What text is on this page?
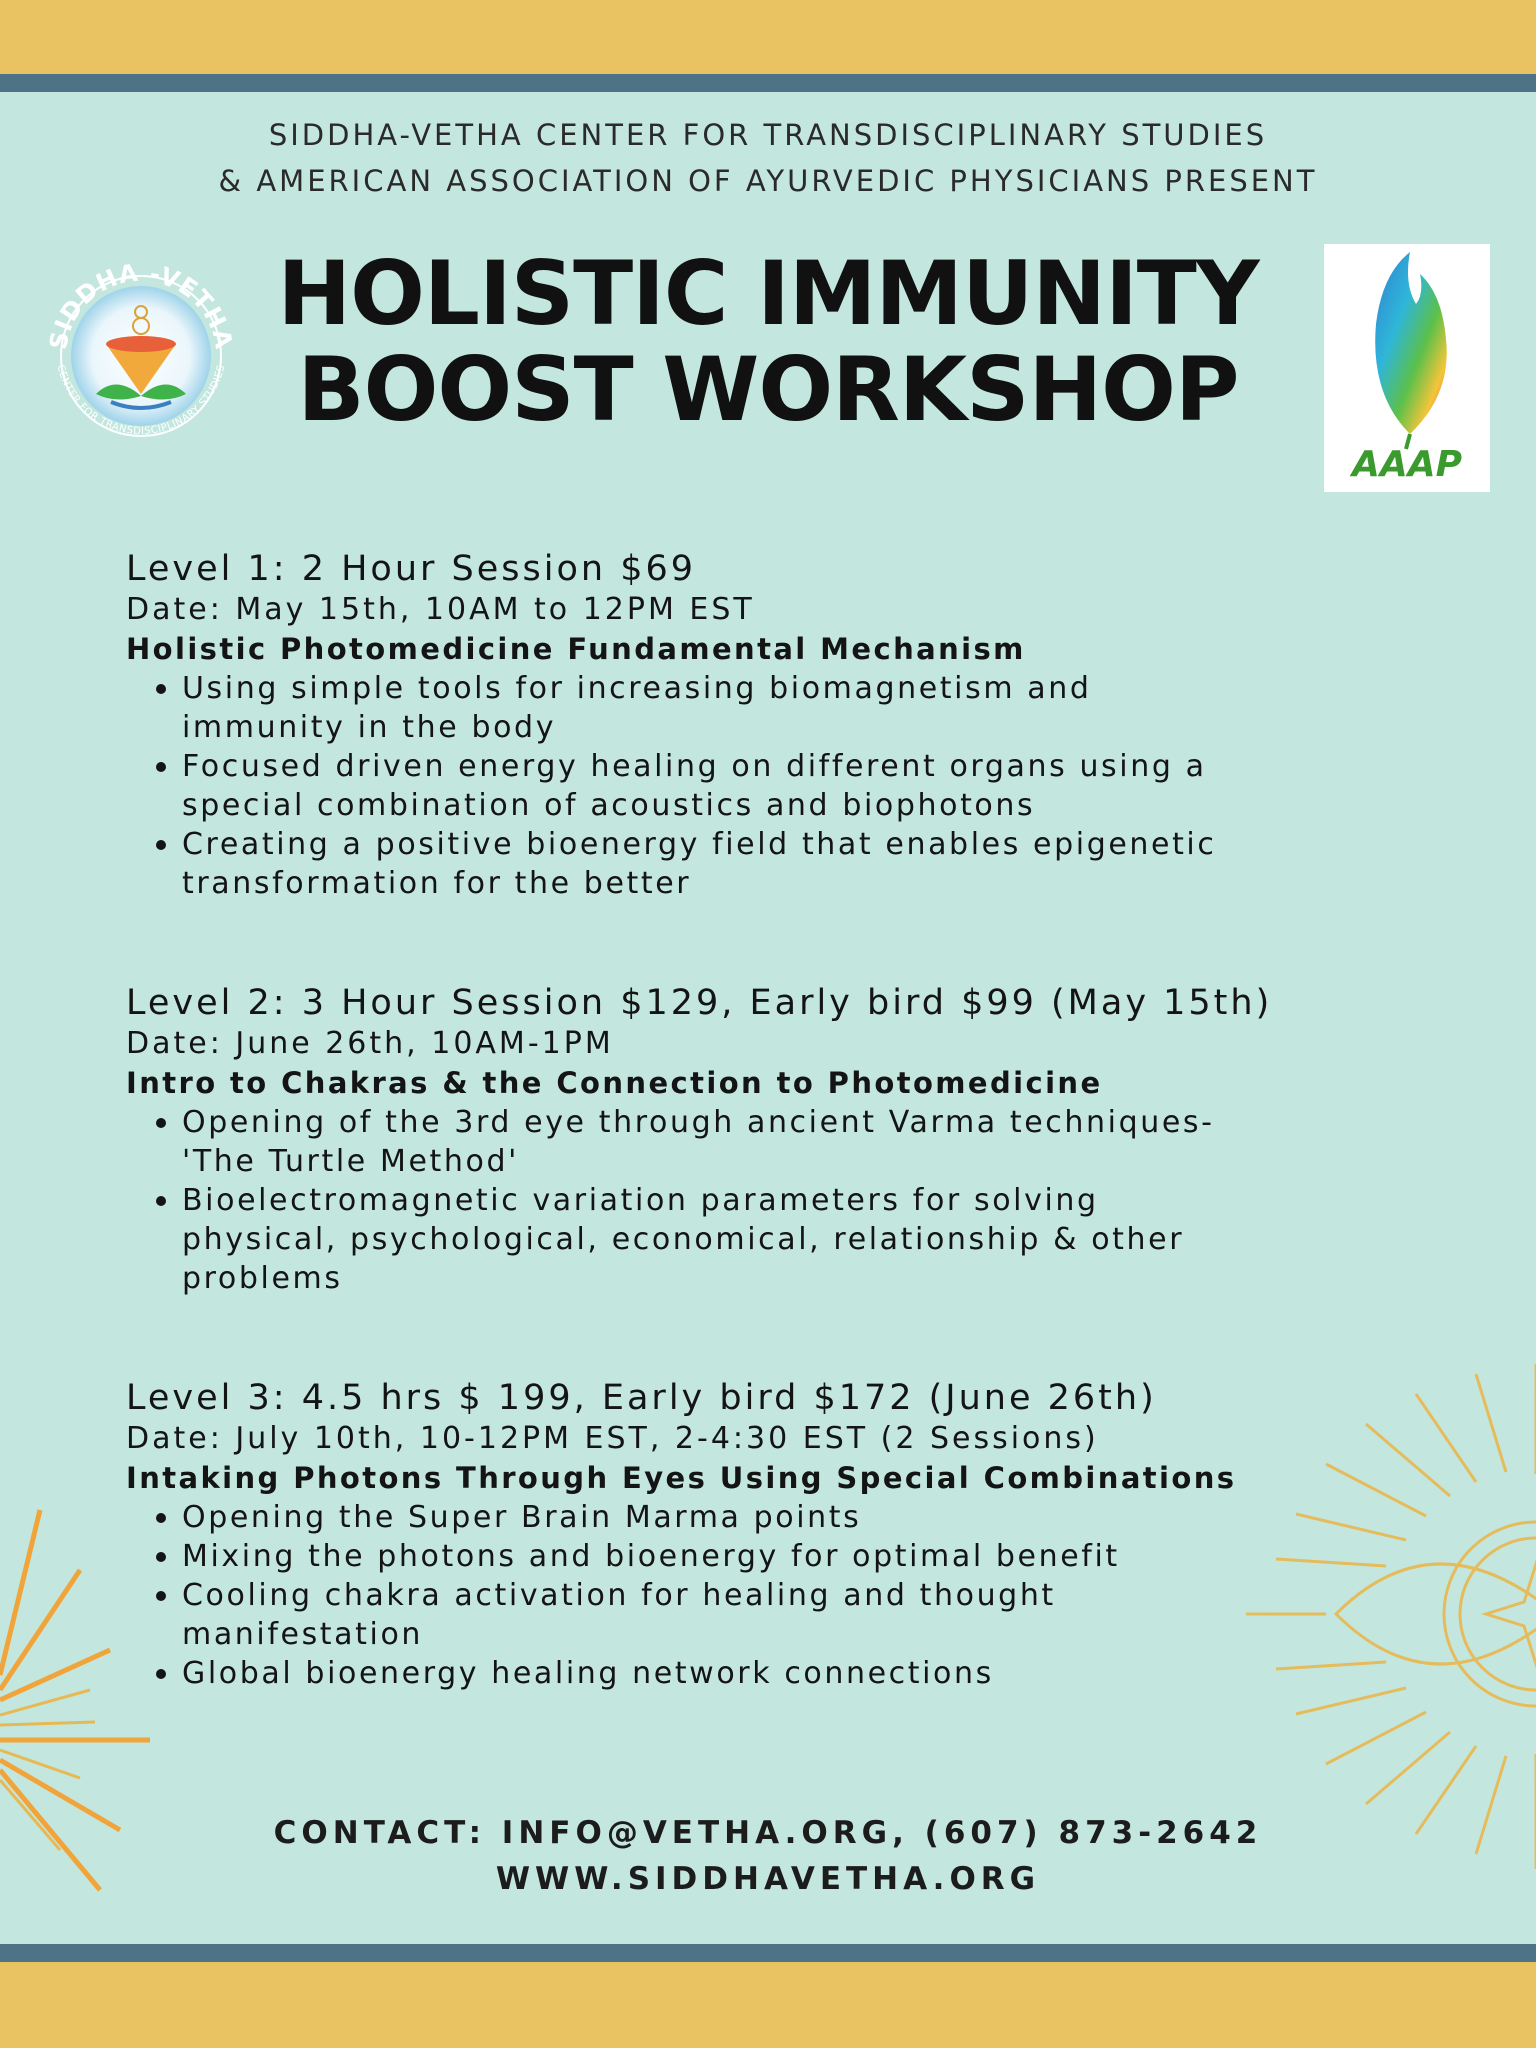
SIDDHA-VETHA CENTER FOR TRANSDISCIPLINARY STUDIES
& AMERICAN ASSOCIATION OF AYURVEDIC PHYSICIANS PRESENT
SIDDHA -VETHA
CENTER FOR TRANSDISCIPLINARY STUDIES
HOLISTIC IMMUNITY
BOOST WORKSHOP
AAAP
Level 1: 2 Hour Session $69
Date: May 15th, 10AM to 12PM EST
Holistic Photomedicine Fundamental Mechanism
Using simple tools for increasing biomagnetism and
immunity in the body
Focused driven energy healing on different organs using a
special combination of acoustics and biophotons
Creating a positive bioenergy field that enables epigenetic
transformation for the better
Level 2: 3 Hour Session $129, Early bird $99 (May 15th)
Date: June 26th, 10AM-1PM
Intro to Chakras & the Connection to Photomedicine
Opening of the 3rd eye through ancient Varma techniques-
'The Turtle Method'
Bioelectromagnetic variation parameters for solving
physical, psychological, economical, relationship & other
problems
Level 3: 4.5 hrs $ 199, Early bird $172 (June 26th)
Date: July 10th, 10-12PM EST, 2-4:30 EST (2 Sessions)
Intaking Photons Through Eyes Using Special Combinations
Opening the Super Brain Marma points
Mixing the photons and bioenergy for optimal benefit
Cooling chakra activation for healing and thought
manifestation
Global bioenergy healing network connections
CONTACT: INFO@VETHA.ORG, (607) 873-2642
WWW.SIDDHAVETHA.ORG
